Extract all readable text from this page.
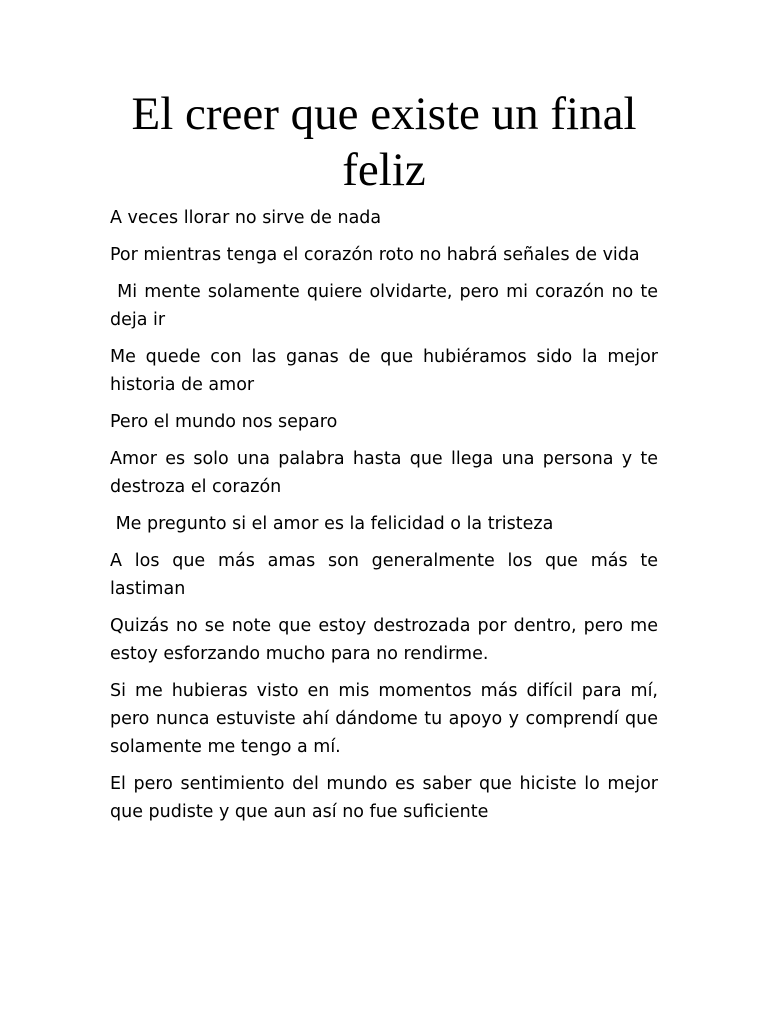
El creer que existe un final feliz

A veces llorar no sirve de nada

Por mientras tenga el corazón roto no habrá señales de vida

Mi mente solamente quiere olvidarte, pero mi corazón no te deja ir

Me quede con las ganas de que hubiéramos sido la mejor historia de amor

Pero el mundo nos separo

Amor es solo una palabra hasta que llega una persona y te destroza el corazón

Me pregunto si el amor es la felicidad o la tristeza

A los que más amas son generalmente los que más te lastiman

Quizás no se note que estoy destrozada por dentro, pero me estoy esforzando mucho para no rendirme.

Si me hubieras visto en mis momentos más difícil para mí, pero nunca estuviste ahí dándome tu apoyo y comprendí que solamente me tengo a mí.

El pero sentimiento del mundo es saber que hiciste lo mejor que pudiste y que aun así no fue suficiente
